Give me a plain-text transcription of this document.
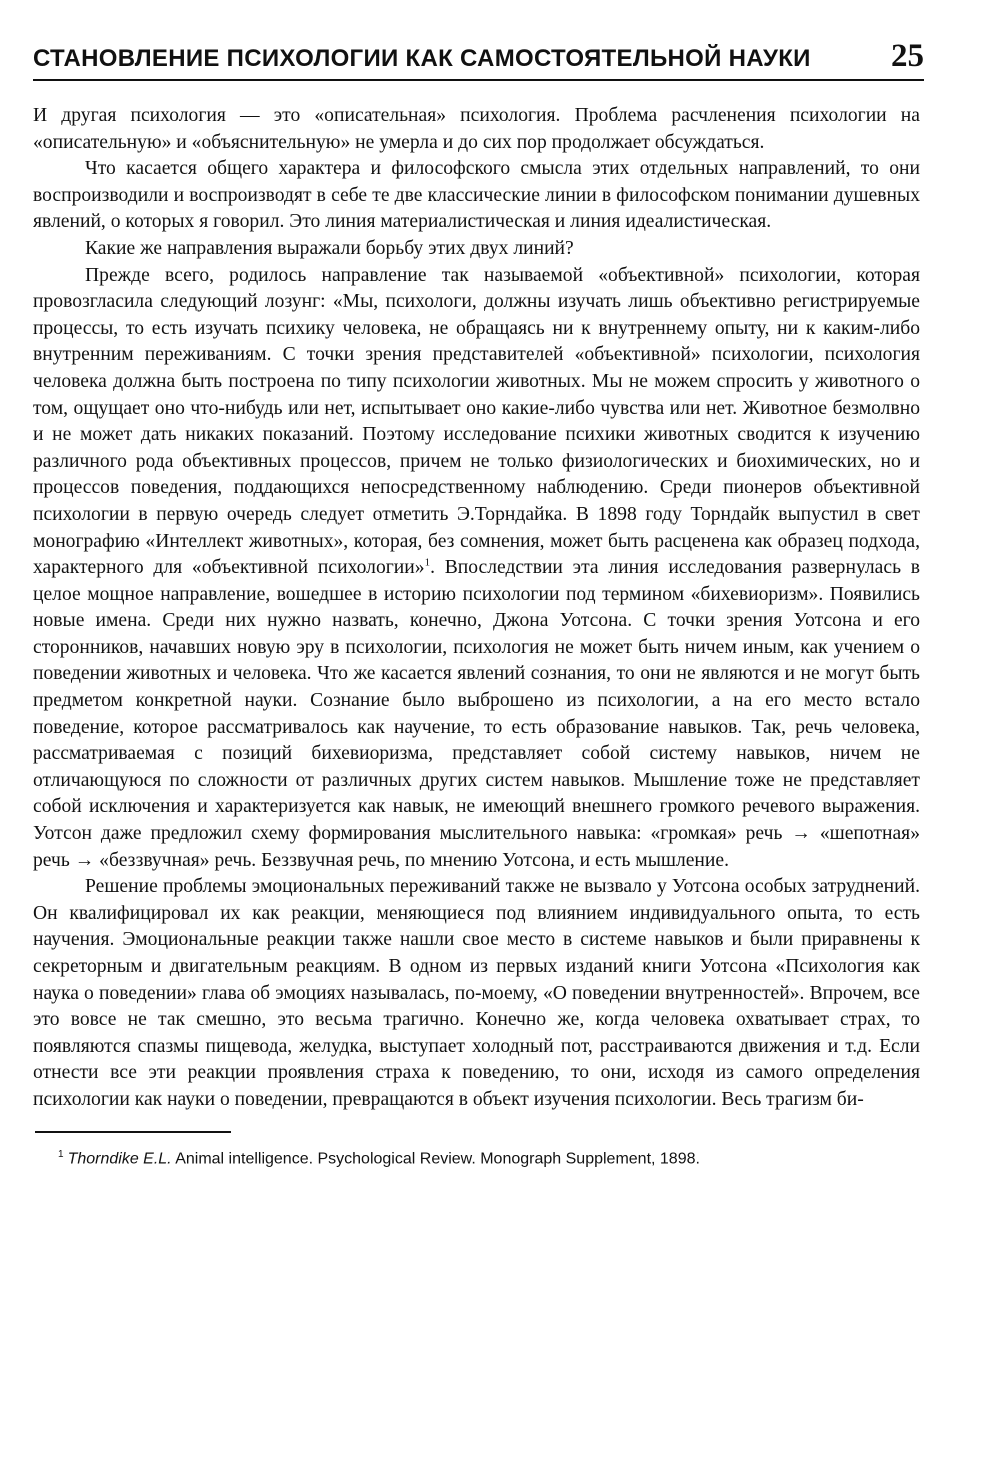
СТАНОВЛЕНИЕ ПСИХОЛОГИИ КАК САМОСТОЯТЕЛЬНОЙ НАУКИ 25

И другая психология — это «описательная» психология. Проблема расчленения психологии на «описательную» и «объяснительную» не умерла и до сих пор продолжает обсуждаться.

Что касается общего характера и философского смысла этих отдельных направлений, то они воспроизводили и воспроизводят в себе те две классические линии в философском понимании душевных явлений, о которых я говорил. Это линия материалистическая и линия идеалистическая.

Какие же направления выражали борьбу этих двух линий?

Прежде всего, родилось направление так называемой «объективной» психологии, которая провозгласила следующий лозунг: «Мы, психологи, должны изучать лишь объективно регистрируемые процессы, то есть изучать психику человека, не обращаясь ни к внутреннему опыту, ни к каким-либо внутренним переживаниям. С точки зрения представителей «объективной» психологии, психология человека должна быть построена по типу психологии животных. Мы не можем спросить у животного о том, ощущает оно что-нибудь или нет, испытывает оно какие-либо чувства или нет. Животное безмолвно и не может дать никаких показаний. Поэтому исследование психики животных сводится к изучению различного рода объективных процессов, причем не только физиологических и биохимических, но и процессов поведения, поддающихся непосредственному наблюдению. Среди пионеров объективной психологии в первую очередь следует отметить Э.Торндайка. В 1898 году Торндайк выпустил в свет монографию «Интеллект животных», которая, без сомнения, может быть расценена как образец подхода, характерного для «объективной психологии»$^1$. Впоследствии эта линия исследования развернулась в целое мощное направление, вошедшее в историю психологии под термином «бихевиоризм». Появились новые имена. Среди них нужно назвать, конечно, Джона Уотсона. С точки зрения Уотсона и его сторонников, начавших новую эру в психологии, психология не может быть ничем иным, как учением о поведении животных и человека. Что же касается явлений сознания, то они не являются и не могут быть предметом конкретной науки. Сознание было выброшено из психологии, а на его место встало поведение, которое рассматривалось как научение, то есть образование навыков. Так, речь человека, рассматриваемая с позиций бихевиоризма, представляет собой систему навыков, ничем не отличающуюся по сложности от различных других систем навыков. Мышление тоже не представляет собой исключения и характеризуется как навык, не имеющий внешнего громкого речевого выражения. Уотсон даже предложил схему формирования мыслительного навыка: «громкая» речь → «шепотная» речь → «беззвучная» речь. Беззвучная речь, по мнению Уотсона, и есть мышление.

Решение проблемы эмоциональных переживаний также не вызвало у Уотсона особых затруднений. Он квалифицировал их как реакции, меняющиеся под влиянием индивидуального опыта, то есть научения. Эмоциональные реакции также нашли свое место в системе навыков и были приравнены к секреторным и двигательным реакциям. В одном из первых изданий книги Уотсона «Психология как наука о поведении» глава об эмоциях называлась, по-моему, «О поведении внутренностей». Впрочем, все это вовсе не так смешно, это весьма трагично. Конечно же, когда человека охватывает страх, то появляются спазмы пищевода, желудка, выступает холодный пот, расстраиваются движения и т.д. Если отнести все эти реакции проявления страха к поведению, то они, исходя из самого определения психологии как науки о поведении, превращаются в объект изучения психологии. Весь трагизм би-

$^1$ Thorndike E.L. Animal intelligence. Psychological Review. Monograph Supplement, 1898.
